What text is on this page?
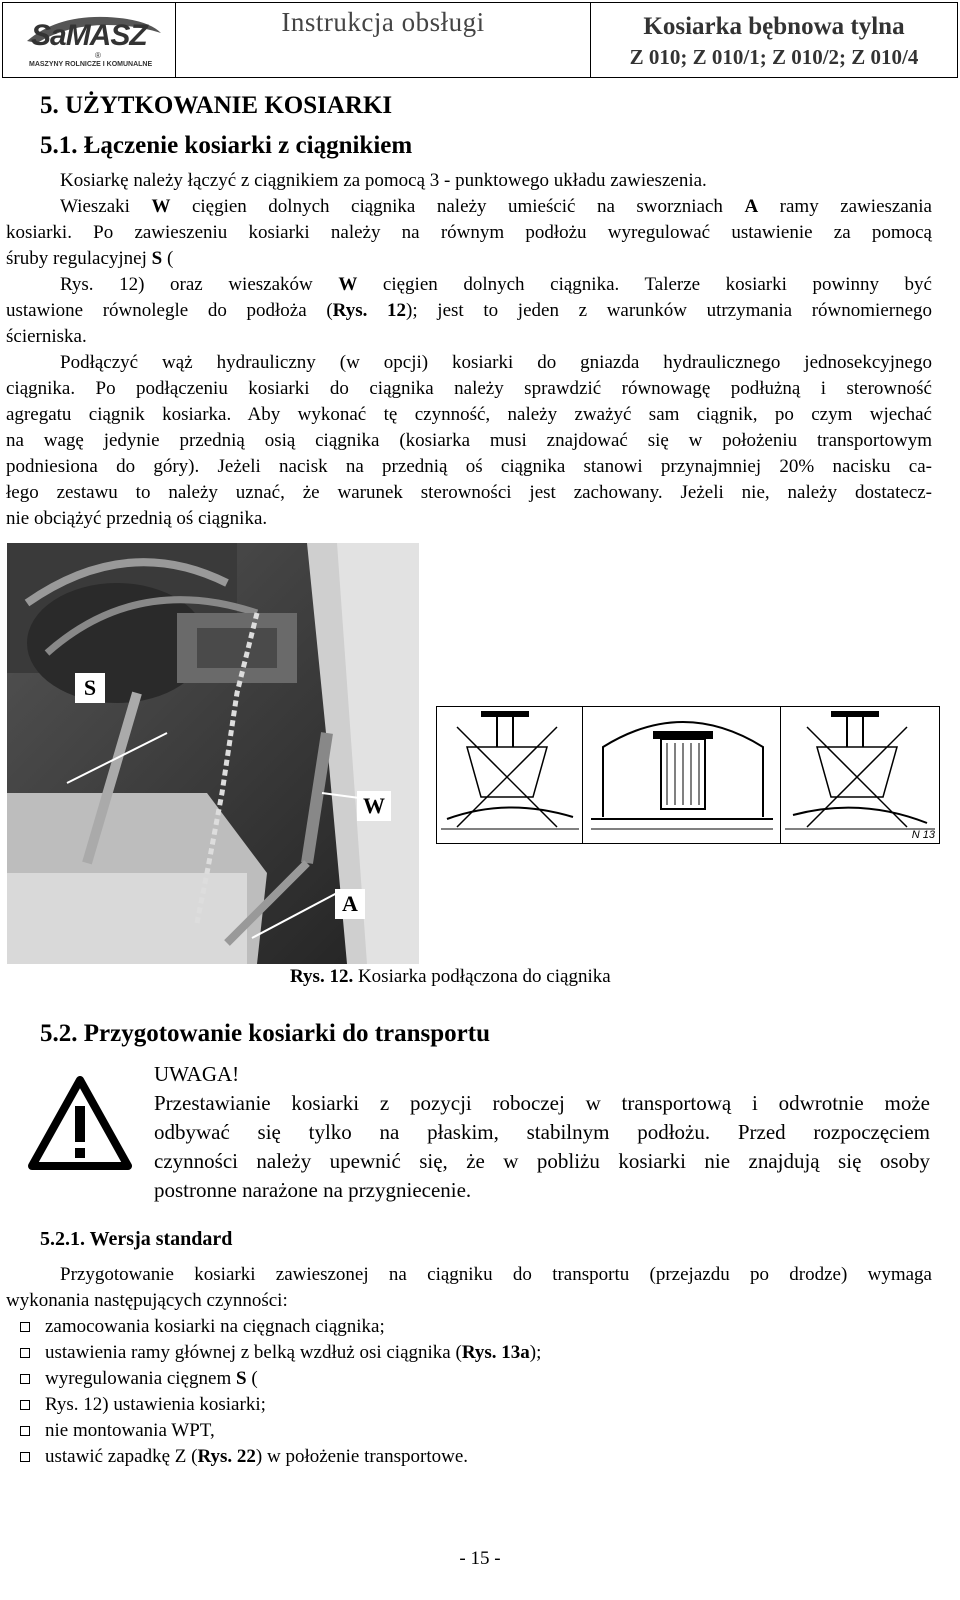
SaMASZ
®
MASZYNY ROLNICZE I KOMUNALNE
Instrukcja obsługi	Kosiarka bębnowa tylna
Z 010; Z 010/1; Z 010/2; Z 010/4
5. UŻYTKOWANIE KOSIARKI
5.1. Łączenie kosiarki z ciągnikiem
Kosiarkę należy łączyć z ciągnikiem za pomocą 3 - punktowego układu zawieszenia.
Wieszaki W cięgien dolnych ciągnika należy umieścić na sworzniach A ramy zawieszania
kosiarki. Po zawieszeniu kosiarki należy na równym podłożu wyregulować ustawienie za pomocą
śruby regulacyjnej S (
Rys. 12) oraz wieszaków W cięgien dolnych ciągnika. Talerze kosiarki powinny być
ustawione równolegle do podłoża (Rys. 12); jest to jeden z warunków utrzymania równomiernego
ścierniska.
Podłączyć wąż hydrauliczny (w opcji) kosiarki do gniazda hydraulicznego jednosekcyjnego
ciągnika. Po podłączeniu kosiarki do ciągnika należy sprawdzić równowagę podłużną i sterowność
agregatu ciągnik kosiarka. Aby wykonać tę czynność, należy zważyć sam ciągnik, po czym wjechać
na wagę jedynie przednią osią ciągnika (kosiarka musi znajdować się w położeniu transportowym
podniesiona do góry). Jeżeli nacisk na przednią oś ciągnika stanowi przynajmniej 20% nacisku ca-
łego zestawu to należy uznać, że warunek sterowności jest zachowany. Jeżeli nie, należy dostatecz-
nie obciążyć przednią oś ciągnika.
S
W
A
N 13
Rys. 12. Kosiarka podłączona do ciągnika
5.2. Przygotowanie kosiarki do transportu
UWAGA!
Przestawianie kosiarki z pozycji roboczej w transportową i odwrotnie może
odbywać się tylko na płaskim, stabilnym podłożu. Przed rozpoczęciem
czynności należy upewnić się, że w pobliżu kosiarki nie znajdują się osoby
postronne narażone na przygniecenie.
5.2.1. Wersja standard
Przygotowanie kosiarki zawieszonej na ciągniku do transportu (przejazdu po drodze) wymaga
wykonania następujących czynności:
zamocowania kosiarki na cięgnach ciągnika;
ustawienia ramy głównej z belką wzdłuż osi ciągnika (Rys. 13a);
wyregulowania cięgnem S (
Rys. 12) ustawienia kosiarki;
nie montowania WPT,
ustawić zapadkę Z (Rys. 22) w położenie transportowe.
- 15 -
